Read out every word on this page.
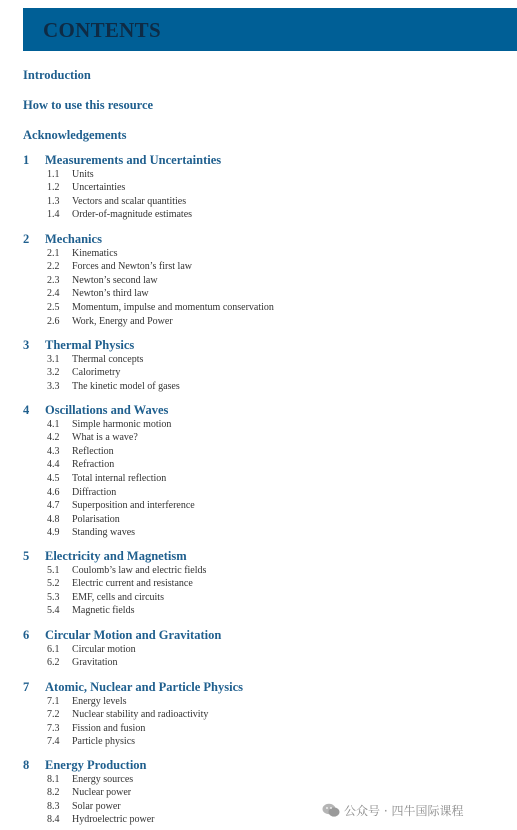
CONTENTS
Introduction
How to use this resource
Acknowledgements
1 Measurements and Uncertainties
1.1 Units
1.2 Uncertainties
1.3 Vectors and scalar quantities
1.4 Order-of-magnitude estimates
2 Mechanics
2.1 Kinematics
2.2 Forces and Newton’s first law
2.3 Newton’s second law
2.4 Newton’s third law
2.5 Momentum, impulse and momentum conservation
2.6 Work, Energy and Power
3 Thermal Physics
3.1 Thermal concepts
3.2 Calorimetry
3.3 The kinetic model of gases
4 Oscillations and Waves
4.1 Simple harmonic motion
4.2 What is a wave?
4.3 Reflection
4.4 Refraction
4.5 Total internal reflection
4.6 Diffraction
4.7 Superposition and interference
4.8 Polarisation
4.9 Standing waves
5 Electricity and Magnetism
5.1 Coulomb’s law and electric fields
5.2 Electric current and resistance
5.3 EMF, cells and circuits
5.4 Magnetic fields
6 Circular Motion and Gravitation
6.1 Circular motion
6.2 Gravitation
7 Atomic, Nuclear and Particle Physics
7.1 Energy levels
7.2 Nuclear stability and radioactivity
7.3 Fission and fusion
7.4 Particle physics
8 Energy Production
8.1 Energy sources
8.2 Nuclear power
8.3 Solar power
8.4 Hydroelectric power
公众号 · 四牛国际课程
